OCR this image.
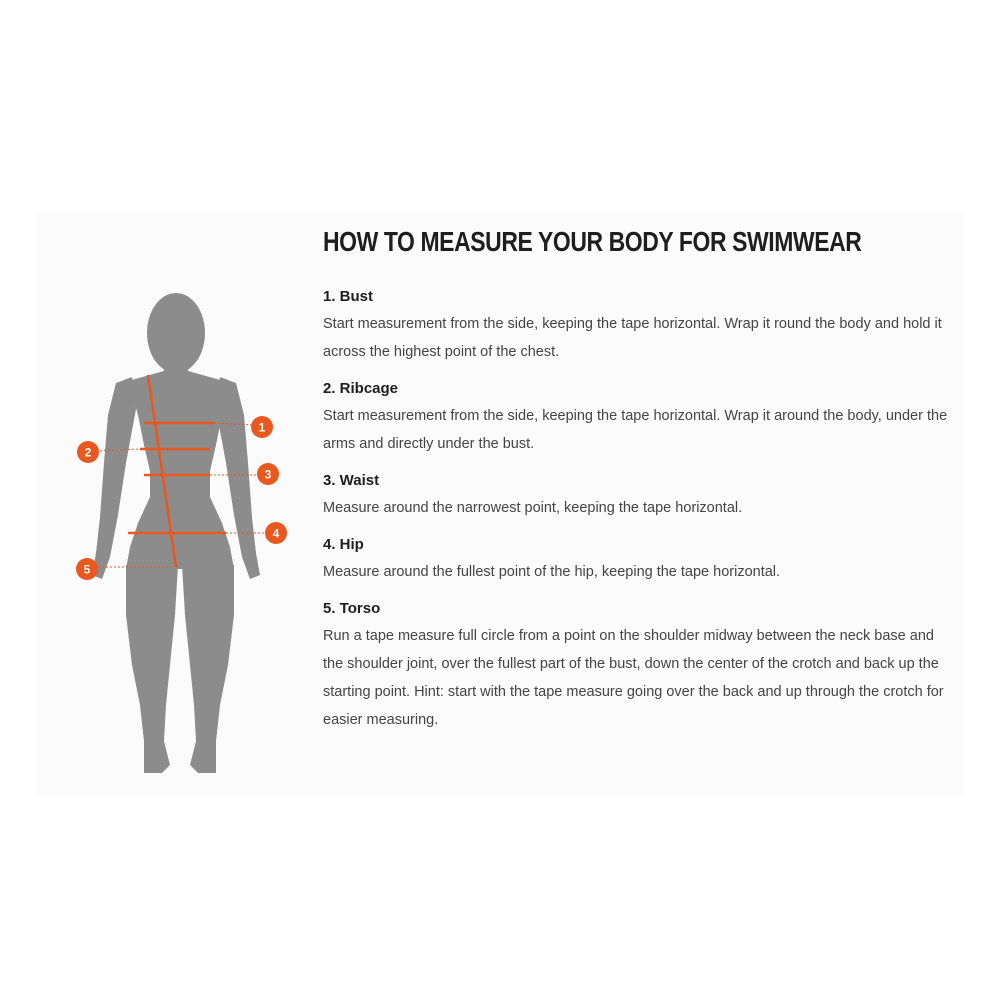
1
2
3
4
5
HOW TO MEASURE YOUR BODY FOR SWIMWEAR
1. Bust
Start measurement from the side, keeping the tape horizontal. Wrap it round the body and hold it across the highest point of the chest.
2. Ribcage
Start measurement from the side, keeping the tape horizontal. Wrap it around the body, under the arms and directly under the bust.
3. Waist
Measure around the narrowest point, keeping the tape horizontal.
4. Hip
Measure around the fullest point of the hip, keeping the tape horizontal.
5. Torso
Run a tape measure full circle from a point on the shoulder midway between the neck base and the shoulder joint, over the fullest part of the bust, down the center of the crotch and back up the starting point. Hint: start with the tape measure going over the back and up through the crotch for easier measuring.
